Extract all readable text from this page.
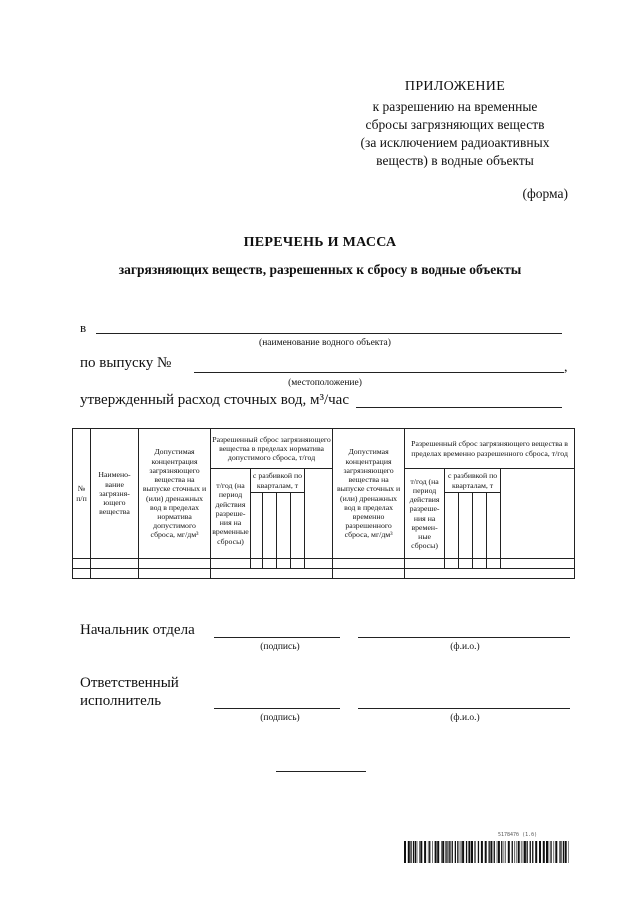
ПРИЛОЖЕНИЕ
к разрешению на временные
сбросы загрязняющих веществ
(за исключением радиоактивных
веществ) в водные объекты
(форма)
ПЕРЕЧЕНЬ И МАССА
загрязняющих веществ, разрешенных к сбросу в водные объекты
в
(наименование водного объекта)
по выпуску №	,
(местоположение)
утвержденный расход сточных вод, м³/час
№ п/п	Наимено- вание загрязня- ющего вещества	Допустимая концентрация загрязняющего вещества на выпуске сточных и (или) дренажных вод в пределах норматива допустимого сброса, мг/дм³	Разрешенный сброс загрязняющего вещества в пределах норматива допустимого сброса, т/год						Допустимая концентрация загрязняющего вещества на выпуске сточных и (или) дренажных вод в пределах временно разрешенного сброса, мг/дм³	Разрешенный сброс загрязняющего вещества в пределах временно разрешенного сброса, т/год					
			т/год (на период действия разреше- ния на временные сбросы)	с разбивкой по кварталам, т						т/год (на период действия разреше- ния на времен- ные сбросы)	с разбивкой по кварталам, т				

Начальник отдела
(подпись)	(ф.и.о.)
Ответственный
исполнитель
(подпись)	(ф.и.о.)
517847б (1.б)
